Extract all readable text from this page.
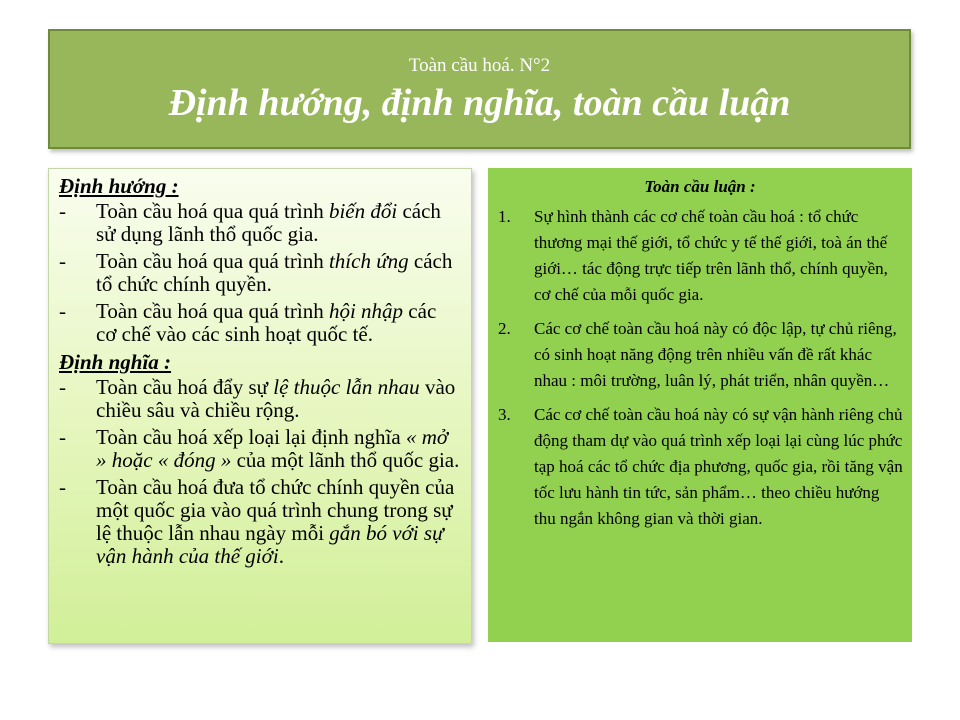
Toàn cầu hoá. N°2
Định hướng, định nghĩa, toàn cầu luận
Định hướng :
- Toàn cầu hoá qua quá trình biến đổi cách sử dụng lãnh thổ quốc gia.
- Toàn cầu hoá qua quá trình thích ứng cách tổ chức chính quyền.
- Toàn cầu hoá qua quá trình hội nhập các cơ chế vào các sinh hoạt quốc tế.
Định nghĩa :
- Toàn cầu hoá đẩy sự lệ thuộc lẫn nhau vào chiều sâu và chiều rộng.
- Toàn cầu hoá xếp loại lại định nghĩa « mở » hoặc « đóng » của một lãnh thổ quốc gia.
- Toàn cầu hoá đưa tổ chức chính quyền của một quốc gia vào quá trình chung trong sự lệ thuộc lẫn nhau ngày mỗi gắn bó với sự vận hành của thế giới.
Toàn cầu luận :
1. Sự hình thành các cơ chế toàn cầu hoá : tổ chức thương mại thế giới, tổ chức y tế thế giới, toà án thế giới… tác động trực tiếp trên lãnh thổ, chính quyền, cơ chế của mỗi quốc gia.
2. Các cơ chế toàn cầu hoá này có độc lập, tự chủ riêng, có sinh hoạt năng động trên nhiều vấn đề rất khác nhau : môi trường, luân lý, phát triển, nhân quyền…
3. Các cơ chế toàn cầu hoá này có sự vận hành riêng chủ động tham dự vào quá trình xếp loại lại cùng lúc phức tạp hoá các tổ chức địa phương, quốc gia, rồi tăng vận tốc lưu hành tin tức, sản phẩm… theo chiều hướng thu ngắn không gian và thời gian.
